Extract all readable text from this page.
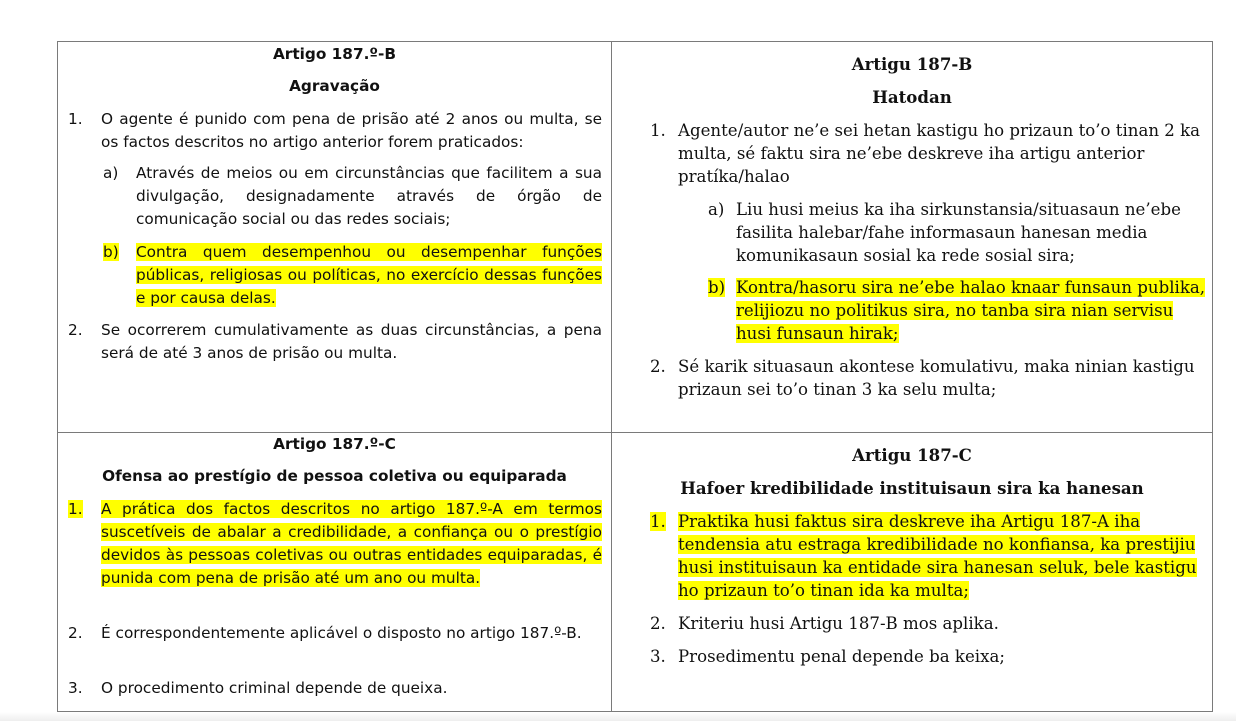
Artigo 187.º-B
Agravação
1. O agente é punido com pena de prisão até 2 anos ou multa, se os factos descritos no artigo anterior forem praticados:
a) Através de meios ou em circunstâncias que facilitem a sua divulgação, designadamente através de órgão de comunicação social ou das redes sociais;
b) Contra quem desempenhou ou desempenhar funções públicas, religiosas ou políticas, no exercício dessas funções e por causa delas.
2. Se ocorrerem cumulativamente as duas circunstâncias, a pena será de até 3 anos de prisão ou multa.
Artigu 187-B
Hatodan
1. Agente/autor ne’e sei hetan kastigu ho prizaun to’o tinan 2 ka multa, sé faktu sira ne’ebe deskreve iha artigu anterior pratíka/halao
a) Liu husi meius ka iha sirkunstansia/situasaun ne’ebe fasilita halebar/fahe informasaun hanesan media komunikasaun sosial ka rede sosial sira;
b) Kontra/hasoru sira ne’ebe halao knaar funsaun publika, relijiozu no politikus sira, no tanba sira nian servisu husi funsaun hirak;
2. Sé karik situasaun akontese komulativu, maka ninian kastigu prizaun sei to’o tinan 3 ka selu multa;
Artigo 187.º-C
Ofensa ao prestígio de pessoa coletiva ou equiparada
1. A prática dos factos descritos no artigo 187.º-A em termos suscetíveis de abalar a credibilidade, a confiança ou o prestígio devidos às pessoas coletivas ou outras entidades equiparadas, é punida com pena de prisão até um ano ou multa.
2. É correspondentemente aplicável o disposto no artigo 187.º-B.
3. O procedimento criminal depende de queixa.
Artigu 187-C
Hafoer kredibilidade instituisaun sira ka hanesan
1. Praktika husi faktus sira deskreve iha Artigu 187-A iha tendensia atu estraga kredibilidade no konfiansa, ka prestijiu husi instituisaun ka entidade sira hanesan seluk, bele kastigu ho prizaun to’o tinan ida ka multa;
2. Kriteriu husi Artigu 187-B mos aplika.
3. Prosedimentu penal depende ba keixa;
